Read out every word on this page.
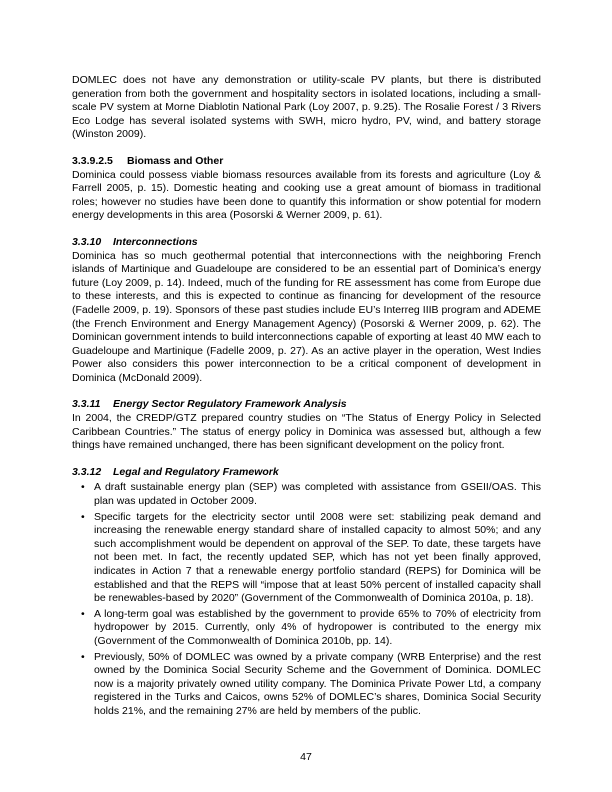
DOMLEC does not have any demonstration or utility-scale PV plants, but there is distributed generation from both the government and hospitality sectors in isolated locations, including a small-scale PV system at Morne Diablotin National Park (Loy 2007, p. 9.25). The Rosalie Forest / 3 Rivers Eco Lodge has several isolated systems with SWH, micro hydro, PV, wind, and battery storage (Winston 2009).

3.3.9.2.5 Biomass and Other

Dominica could possess viable biomass resources available from its forests and agriculture (Loy & Farrell 2005, p. 15). Domestic heating and cooking use a great amount of biomass in traditional roles; however no studies have been done to quantify this information or show potential for modern energy developments in this area (Posorski & Werner 2009, p. 61).

3.3.10 Interconnections

Dominica has so much geothermal potential that interconnections with the neighboring French islands of Martinique and Guadeloupe are considered to be an essential part of Dominica’s energy future (Loy 2009, p. 14). Indeed, much of the funding for RE assessment has come from Europe due to these interests, and this is expected to continue as financing for development of the resource (Fadelle 2009, p. 19). Sponsors of these past studies include EU’s Interreg IIIB program and ADEME (the French Environment and Energy Management Agency) (Posorski & Werner 2009, p. 62). The Dominican government intends to build interconnections capable of exporting at least 40 MW each to Guadeloupe and Martinique (Fadelle 2009, p. 27). As an active player in the operation, West Indies Power also considers this power interconnection to be a critical component of development in Dominica (McDonald 2009).

3.3.11 Energy Sector Regulatory Framework Analysis

In 2004, the CREDP/GTZ prepared country studies on “The Status of Energy Policy in Selected Caribbean Countries.” The status of energy policy in Dominica was assessed but, although a few things have remained unchanged, there has been significant development on the policy front.

3.3.12 Legal and Regulatory Framework
• A draft sustainable energy plan (SEP) was completed with assistance from GSEII/OAS. This plan was updated in October 2009.
• Specific targets for the electricity sector until 2008 were set: stabilizing peak demand and increasing the renewable energy standard share of installed capacity to almost 50%; and any such accomplishment would be dependent on approval of the SEP. To date, these targets have not been met. In fact, the recently updated SEP, which has not yet been finally approved, indicates in Action 7 that a renewable energy portfolio standard (REPS) for Dominica will be established and that the REPS will “impose that at least 50% percent of installed capacity shall be renewables-based by 2020” (Government of the Commonwealth of Dominica 2010a, p. 18).
• A long-term goal was established by the government to provide 65% to 70% of electricity from hydropower by 2015. Currently, only 4% of hydropower is contributed to the energy mix (Government of the Commonwealth of Dominica 2010b, pp. 14).
• Previously, 50% of DOMLEC was owned by a private company (WRB Enterprise) and the rest owned by the Dominica Social Security Scheme and the Government of Dominica. DOMLEC now is a majority privately owned utility company. The Dominica Private Power Ltd, a company registered in the Turks and Caicos, owns 52% of DOMLEC’s shares, Dominica Social Security holds 21%, and the remaining 27% are held by members of the public.
47
